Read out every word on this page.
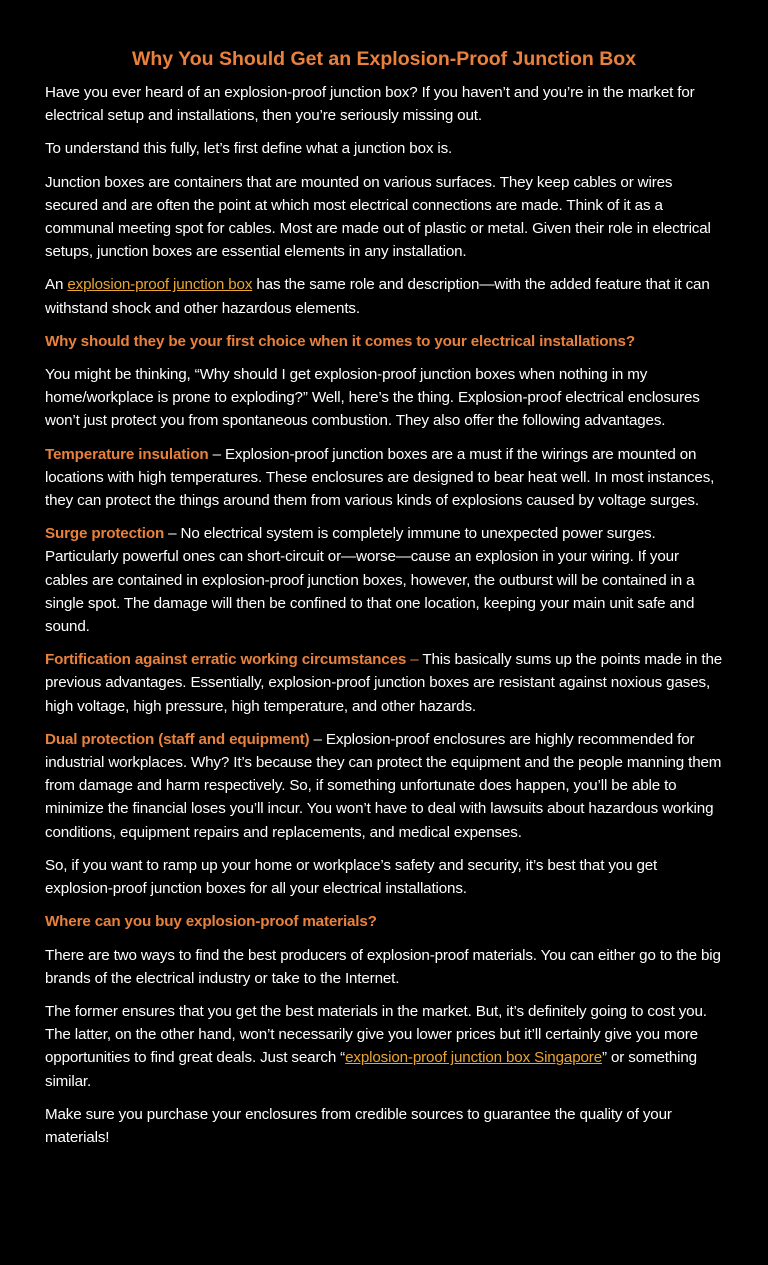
Why You Should Get an Explosion-Proof Junction Box

Have you ever heard of an explosion-proof junction box? If you haven’t and you’re in the market for electrical setup and installations, then you’re seriously missing out.

To understand this fully, let’s first define what a junction box is.

Junction boxes are containers that are mounted on various surfaces. They keep cables or wires secured and are often the point at which most electrical connections are made. Think of it as a communal meeting spot for cables. Most are made out of plastic or metal. Given their role in electrical setups, junction boxes are essential elements in any installation.

An explosion-proof junction box has the same role and description—with the added feature that it can withstand shock and other hazardous elements.

Why should they be your first choice when it comes to your electrical installations?

You might be thinking, “Why should I get explosion-proof junction boxes when nothing in my home/workplace is prone to exploding?” Well, here’s the thing. Explosion-proof electrical enclosures won’t just protect you from spontaneous combustion. They also offer the following advantages.

Temperature insulation – Explosion-proof junction boxes are a must if the wirings are mounted on locations with high temperatures. These enclosures are designed to bear heat well. In most instances, they can protect the things around them from various kinds of explosions caused by voltage surges.

Surge protection – No electrical system is completely immune to unexpected power surges. Particularly powerful ones can short-circuit or—worse—cause an explosion in your wiring. If your cables are contained in explosion-proof junction boxes, however, the outburst will be contained in a single spot. The damage will then be confined to that one location, keeping your main unit safe and sound.

Fortification against erratic working circumstances – This basically sums up the points made in the previous advantages. Essentially, explosion-proof junction boxes are resistant against noxious gases, high voltage, high pressure, high temperature, and other hazards.

Dual protection (staff and equipment) – Explosion-proof enclosures are highly recommended for industrial workplaces. Why? It’s because they can protect the equipment and the people manning them from damage and harm respectively. So, if something unfortunate does happen, you’ll be able to minimize the financial loses you’ll incur. You won’t have to deal with lawsuits about hazardous working conditions, equipment repairs and replacements, and medical expenses.

So, if you want to ramp up your home or workplace’s safety and security, it’s best that you get explosion-proof junction boxes for all your electrical installations.

Where can you buy explosion-proof materials?

There are two ways to find the best producers of explosion-proof materials. You can either go to the big brands of the electrical industry or take to the Internet.

The former ensures that you get the best materials in the market. But, it’s definitely going to cost you. The latter, on the other hand, won’t necessarily give you lower prices but it’ll certainly give you more opportunities to find great deals. Just search “explosion-proof junction box Singapore” or something similar.

Make sure you purchase your enclosures from credible sources to guarantee the quality of your materials!
